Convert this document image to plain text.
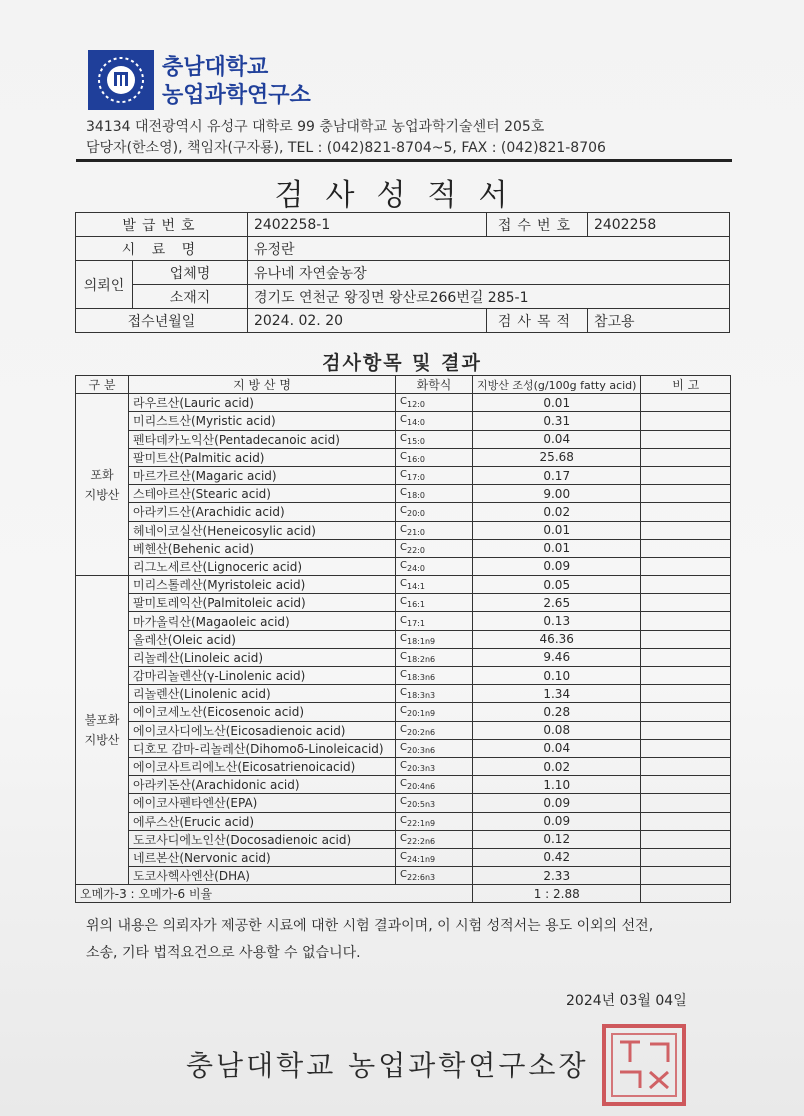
충남대학교
농업과학연구소
34134 대전광역시 유성구 대학로 99 충남대학교 농업과학기술센터 205호
담당자(한소영), 책임자(구자룡), TEL : (042)821-8704~5, FAX : (042)821-8706
검사성적서
발급번호		2402258-1	접수번호	2402258
시 료 명		유정란		
의뢰인	업체명	유나네 자연숲농장		
	소재지	경기도 연천군 왕징면 왕산로266번길 285-1		
접수년월일		2024. 02. 20	검사목적	참고용
검사항목 및 결과
구 분	지 방 산 명	화학식	지방산 조성(g/100g fatty acid)	비 고
포화
지방산	라우르산(Lauric acid)	$C_{12:0}$	0.01	
	미리스트산(Myristic acid)	$C_{14:0}$	0.31	
	펜타데카노익산(Pentadecanoic acid)	$C_{15:0}$	0.04	
	팔미트산(Palmitic acid)	$C_{16:0}$	25.68	
	마르가르산(Magaric acid)	$C_{17:0}$	0.17	
	스테아르산(Stearic acid)	$C_{18:0}$	9.00	
	아라키드산(Arachidic acid)	$C_{20:0}$	0.02	
	헤네이코실산(Heneicosylic acid)	$C_{21:0}$	0.01	
	베헨산(Behenic acid)	$C_{22:0}$	0.01	
	리그노세르산(Lignoceric acid)	$C_{24:0}$	0.09	
불포화
지방산	미리스톨레산(Myristoleic acid)	$C_{14:1}$	0.05	
	팔미토레익산(Palmitoleic acid)	$C_{16:1}$	2.65	
	마가올릭산(Magaoleic acid)	$C_{17:1}$	0.13	
	올레산(Oleic acid)	$C_{18:1n9}$	46.36	
	리놀레산(Linoleic acid)	$C_{18:2n6}$	9.46	
	감마리놀렌산(γ-Linolenic acid)	$C_{18:3n6}$	0.10	
	리놀렌산(Linolenic acid)	$C_{18:3n3}$	1.34	
	에이코세노산(Eicosenoic acid)	$C_{20:1n9}$	0.28	
	에이코사디에노산(Eicosadienoic acid)	$C_{20:2n6}$	0.08	
	디호모 감마-리놀레산(Dihomoδ-Linoleicacid)	$C_{20:3n6}$	0.04	
	에이코사트리에노산(Eicosatrienoicacid)	$C_{20:3n3}$	0.02	
	아라키돈산(Arachidonic acid)	$C_{20:4n6}$	1.10	
	에이코사펜타엔산(EPA)	$C_{20:5n3}$	0.09	
	에루스산(Erucic acid)	$C_{22:1n9}$	0.09	
	도코사디에노인산(Docosadienoic acid)	$C_{22:2n6}$	0.12	
	네르본산(Nervonic acid)	$C_{24:1n9}$	0.42	
	도코사헥사엔산(DHA)	$C_{22:6n3}$	2.33	
오메가-3 : 오메가-6 비율			1 : 2.88	
위의 내용은 의뢰자가 제공한 시료에 대한 시험 결과이며, 이 시험 성적서는 용도 이외의 선전,
소송, 기타 법적요건으로 사용할 수 없습니다.
2024년 03월 04일
충남대학교 농업과학연구소장
